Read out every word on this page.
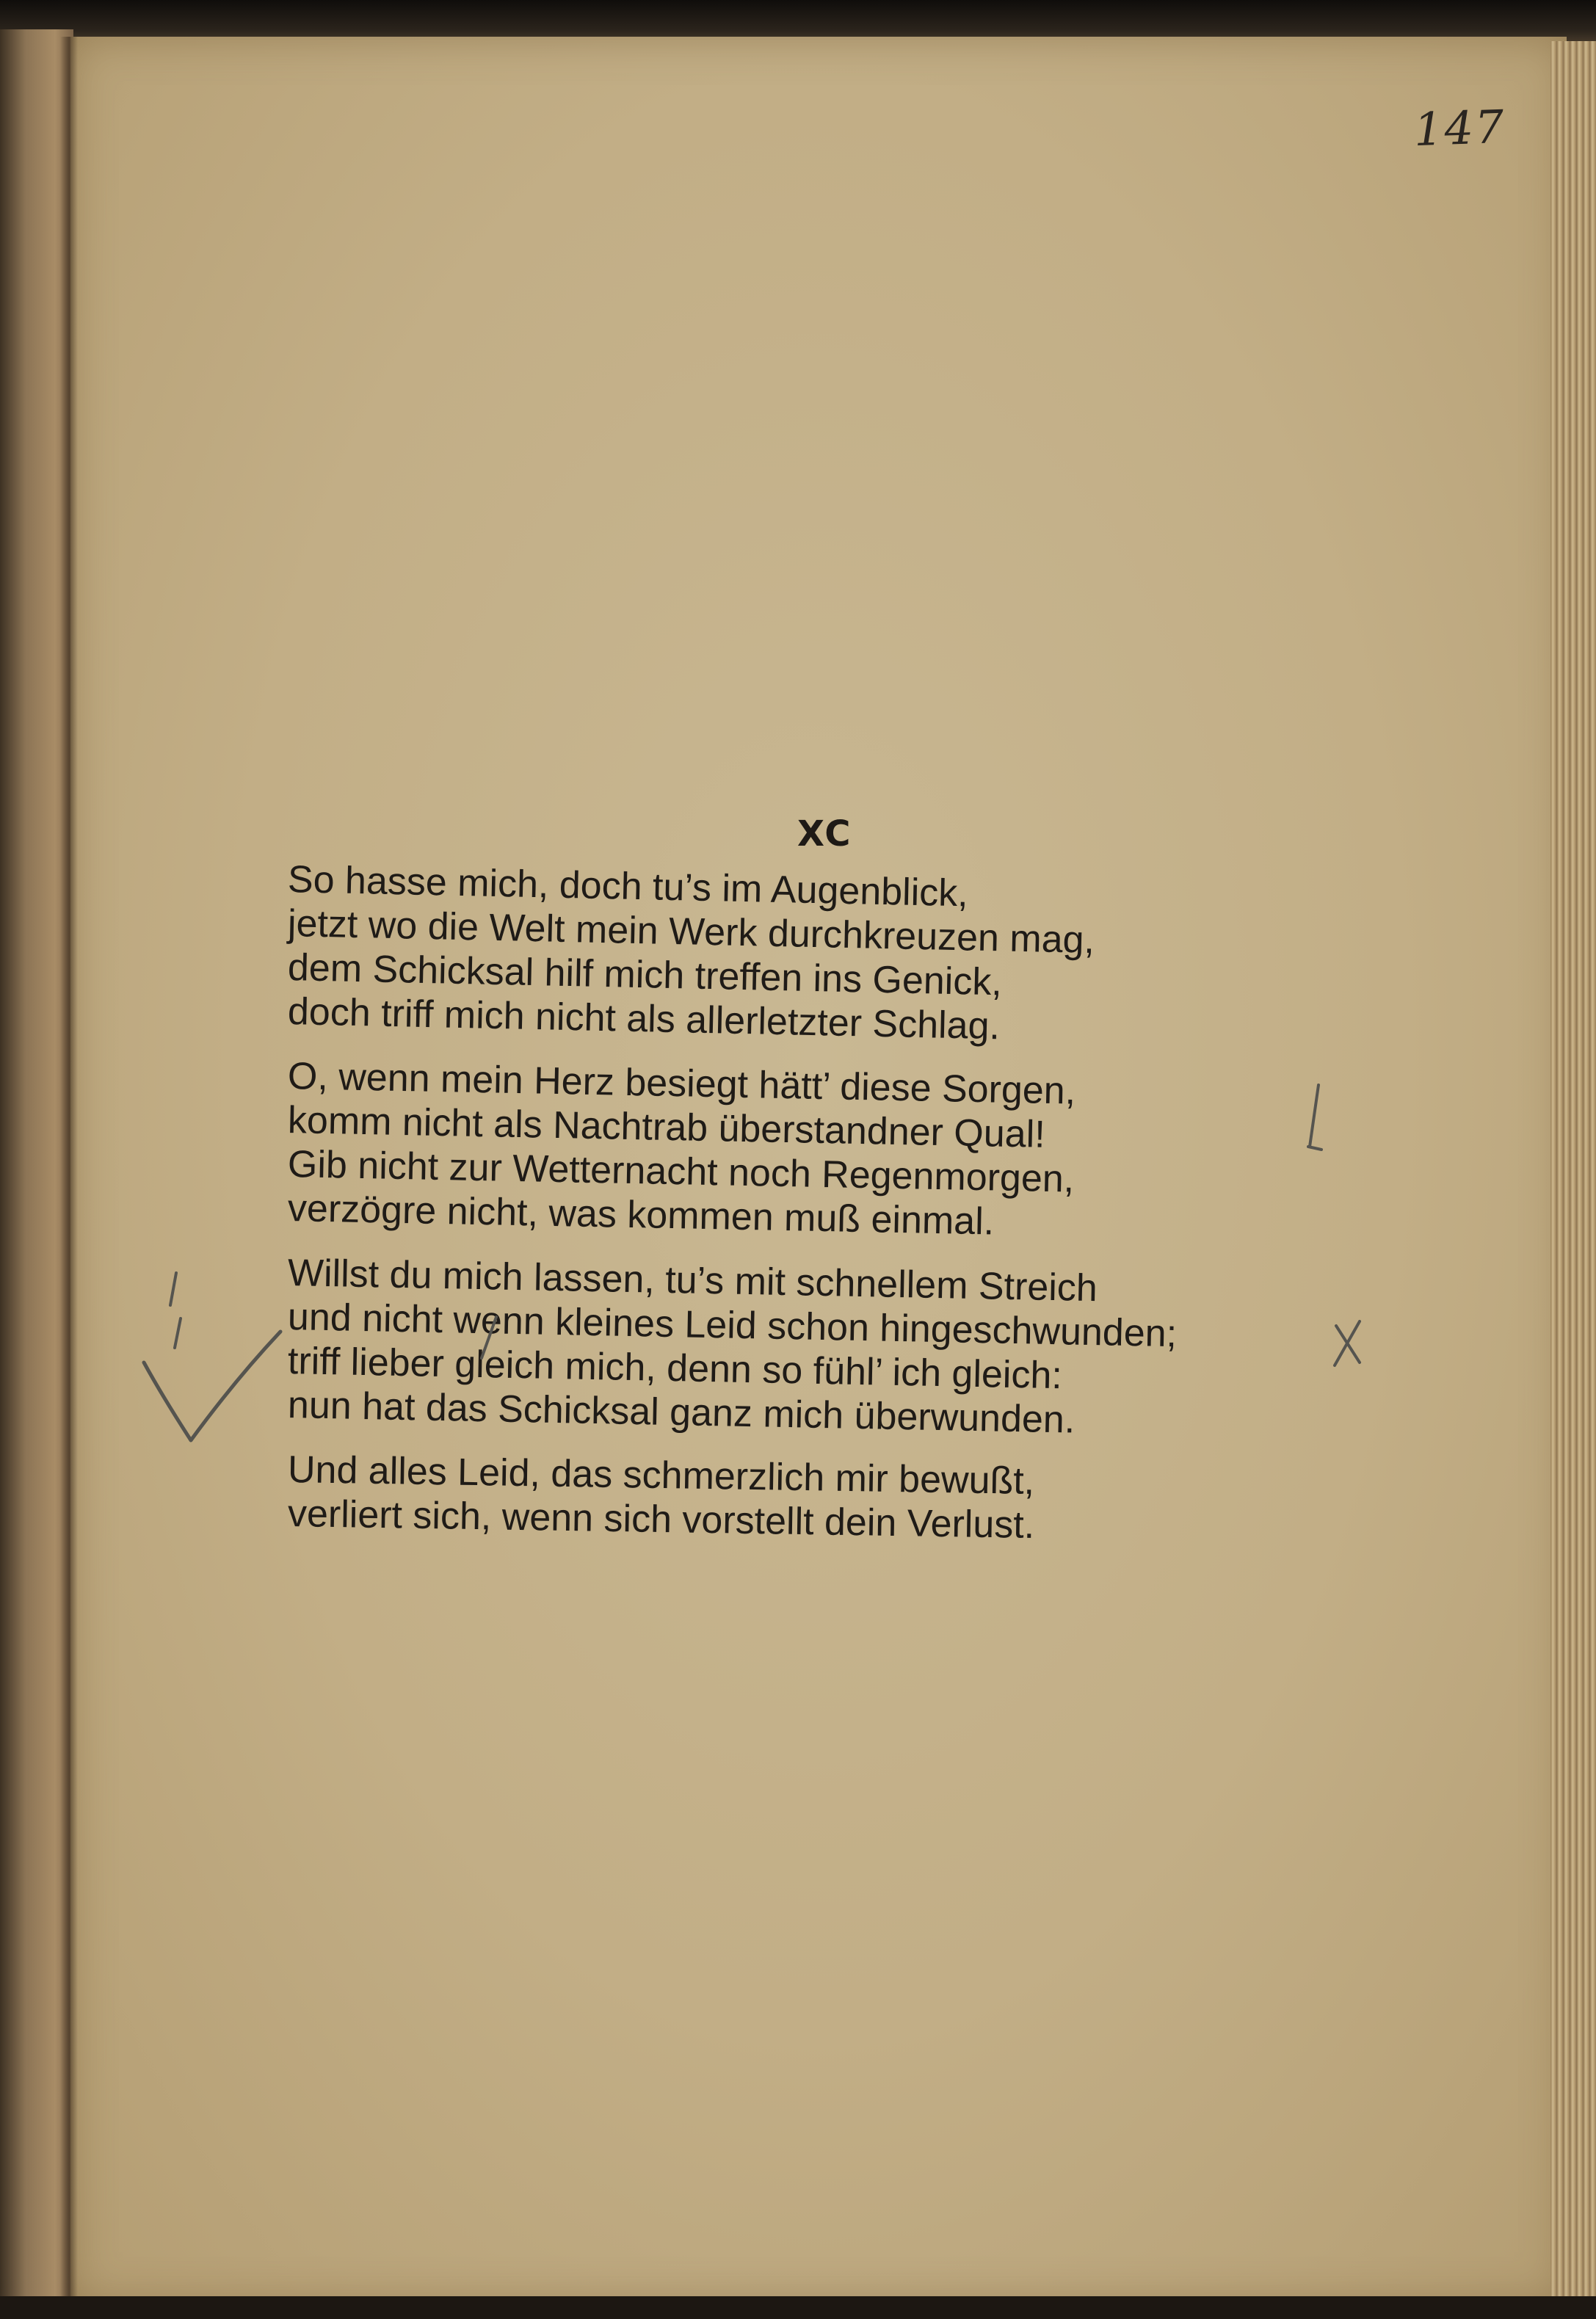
147
XC
So hasse mich, doch tu’s im Augenblick,
jetzt wo die Welt mein Werk durchkreuzen mag,
dem Schicksal hilf mich treffen ins Genick,
doch triff mich nicht als allerletzter Schlag.
O, wenn mein Herz besiegt hätt’ diese Sorgen,
komm nicht als Nachtrab überstandner Qual!
Gib nicht zur Wetternacht noch Regenmorgen,
verzögre nicht, was kommen muß einmal.
Willst du mich lassen, tu’s mit schnellem Streich
und nicht wenn kleines Leid schon hingeschwunden;
triff lieber gleich mich, denn so fühl’ ich gleich:
nun hat das Schicksal ganz mich überwunden.
Und alles Leid, das schmerzlich mir bewußt,
verliert sich, wenn sich vorstellt dein Verlust.
